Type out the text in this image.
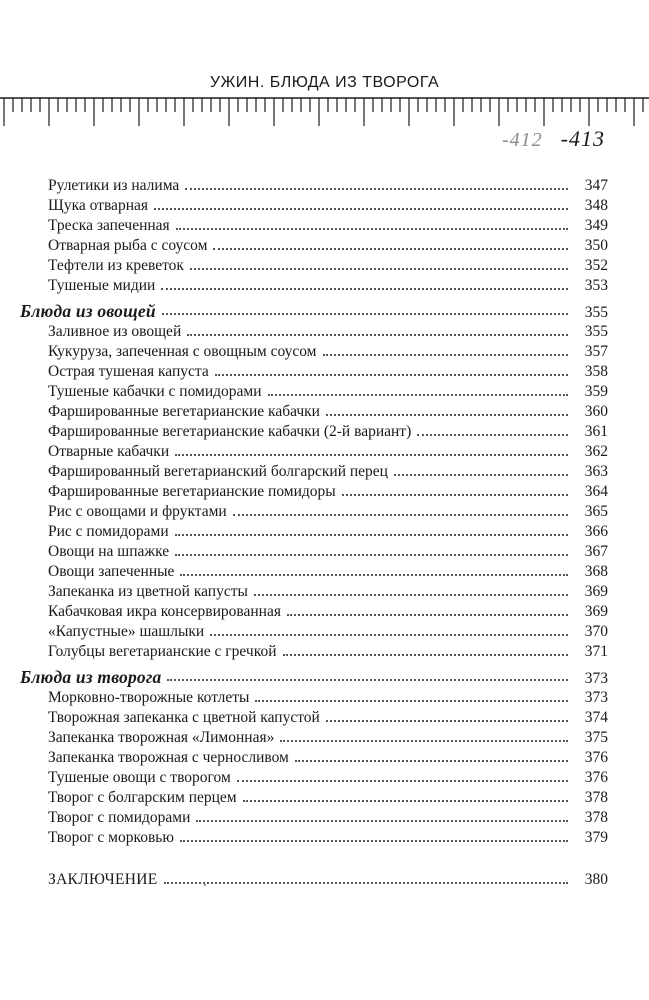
УЖИН. БЛЮДА ИЗ ТВОРОГА
-412 -413
Рулетики из налима	347
Щука отварная	348
Треска запеченная	349
Отварная рыба с соусом	350
Тефтели из креветок	352
Тушеные мидии	353
Блюда из овощей	355
Заливное из овощей	355
Кукуруза, запеченная с овощным соусом	357
Острая тушеная капуста	358
Тушеные кабачки с помидорами	359
Фаршированные вегетарианские кабачки	360
Фаршированные вегетарианские кабачки (2-й вариант)	361
Отварные кабачки	362
Фаршированный вегетарианский болгарский перец	363
Фаршированные вегетарианские помидоры	364
Рис с овощами и фруктами	365
Рис с помидорами	366
Овощи на шпажке	367
Овощи запеченные	368
Запеканка из цветной капусты	369
Кабачковая икра консервированная	369
«Капустные» шашлыки	370
Голубцы вегетарианские с гречкой	371
Блюда из творога	373
Морковно-творожные котлеты	373
Творожная запеканка с цветной капустой	374
Запеканка творожная «Лимонная»	375
Запеканка творожная с черносливом	376
Тушеные овощи с творогом	376
Творог с болгарским перцем	378
Творог с помидорами	378
Творог с морковью	379
ЗАКЛЮЧЕНИЕ	380
